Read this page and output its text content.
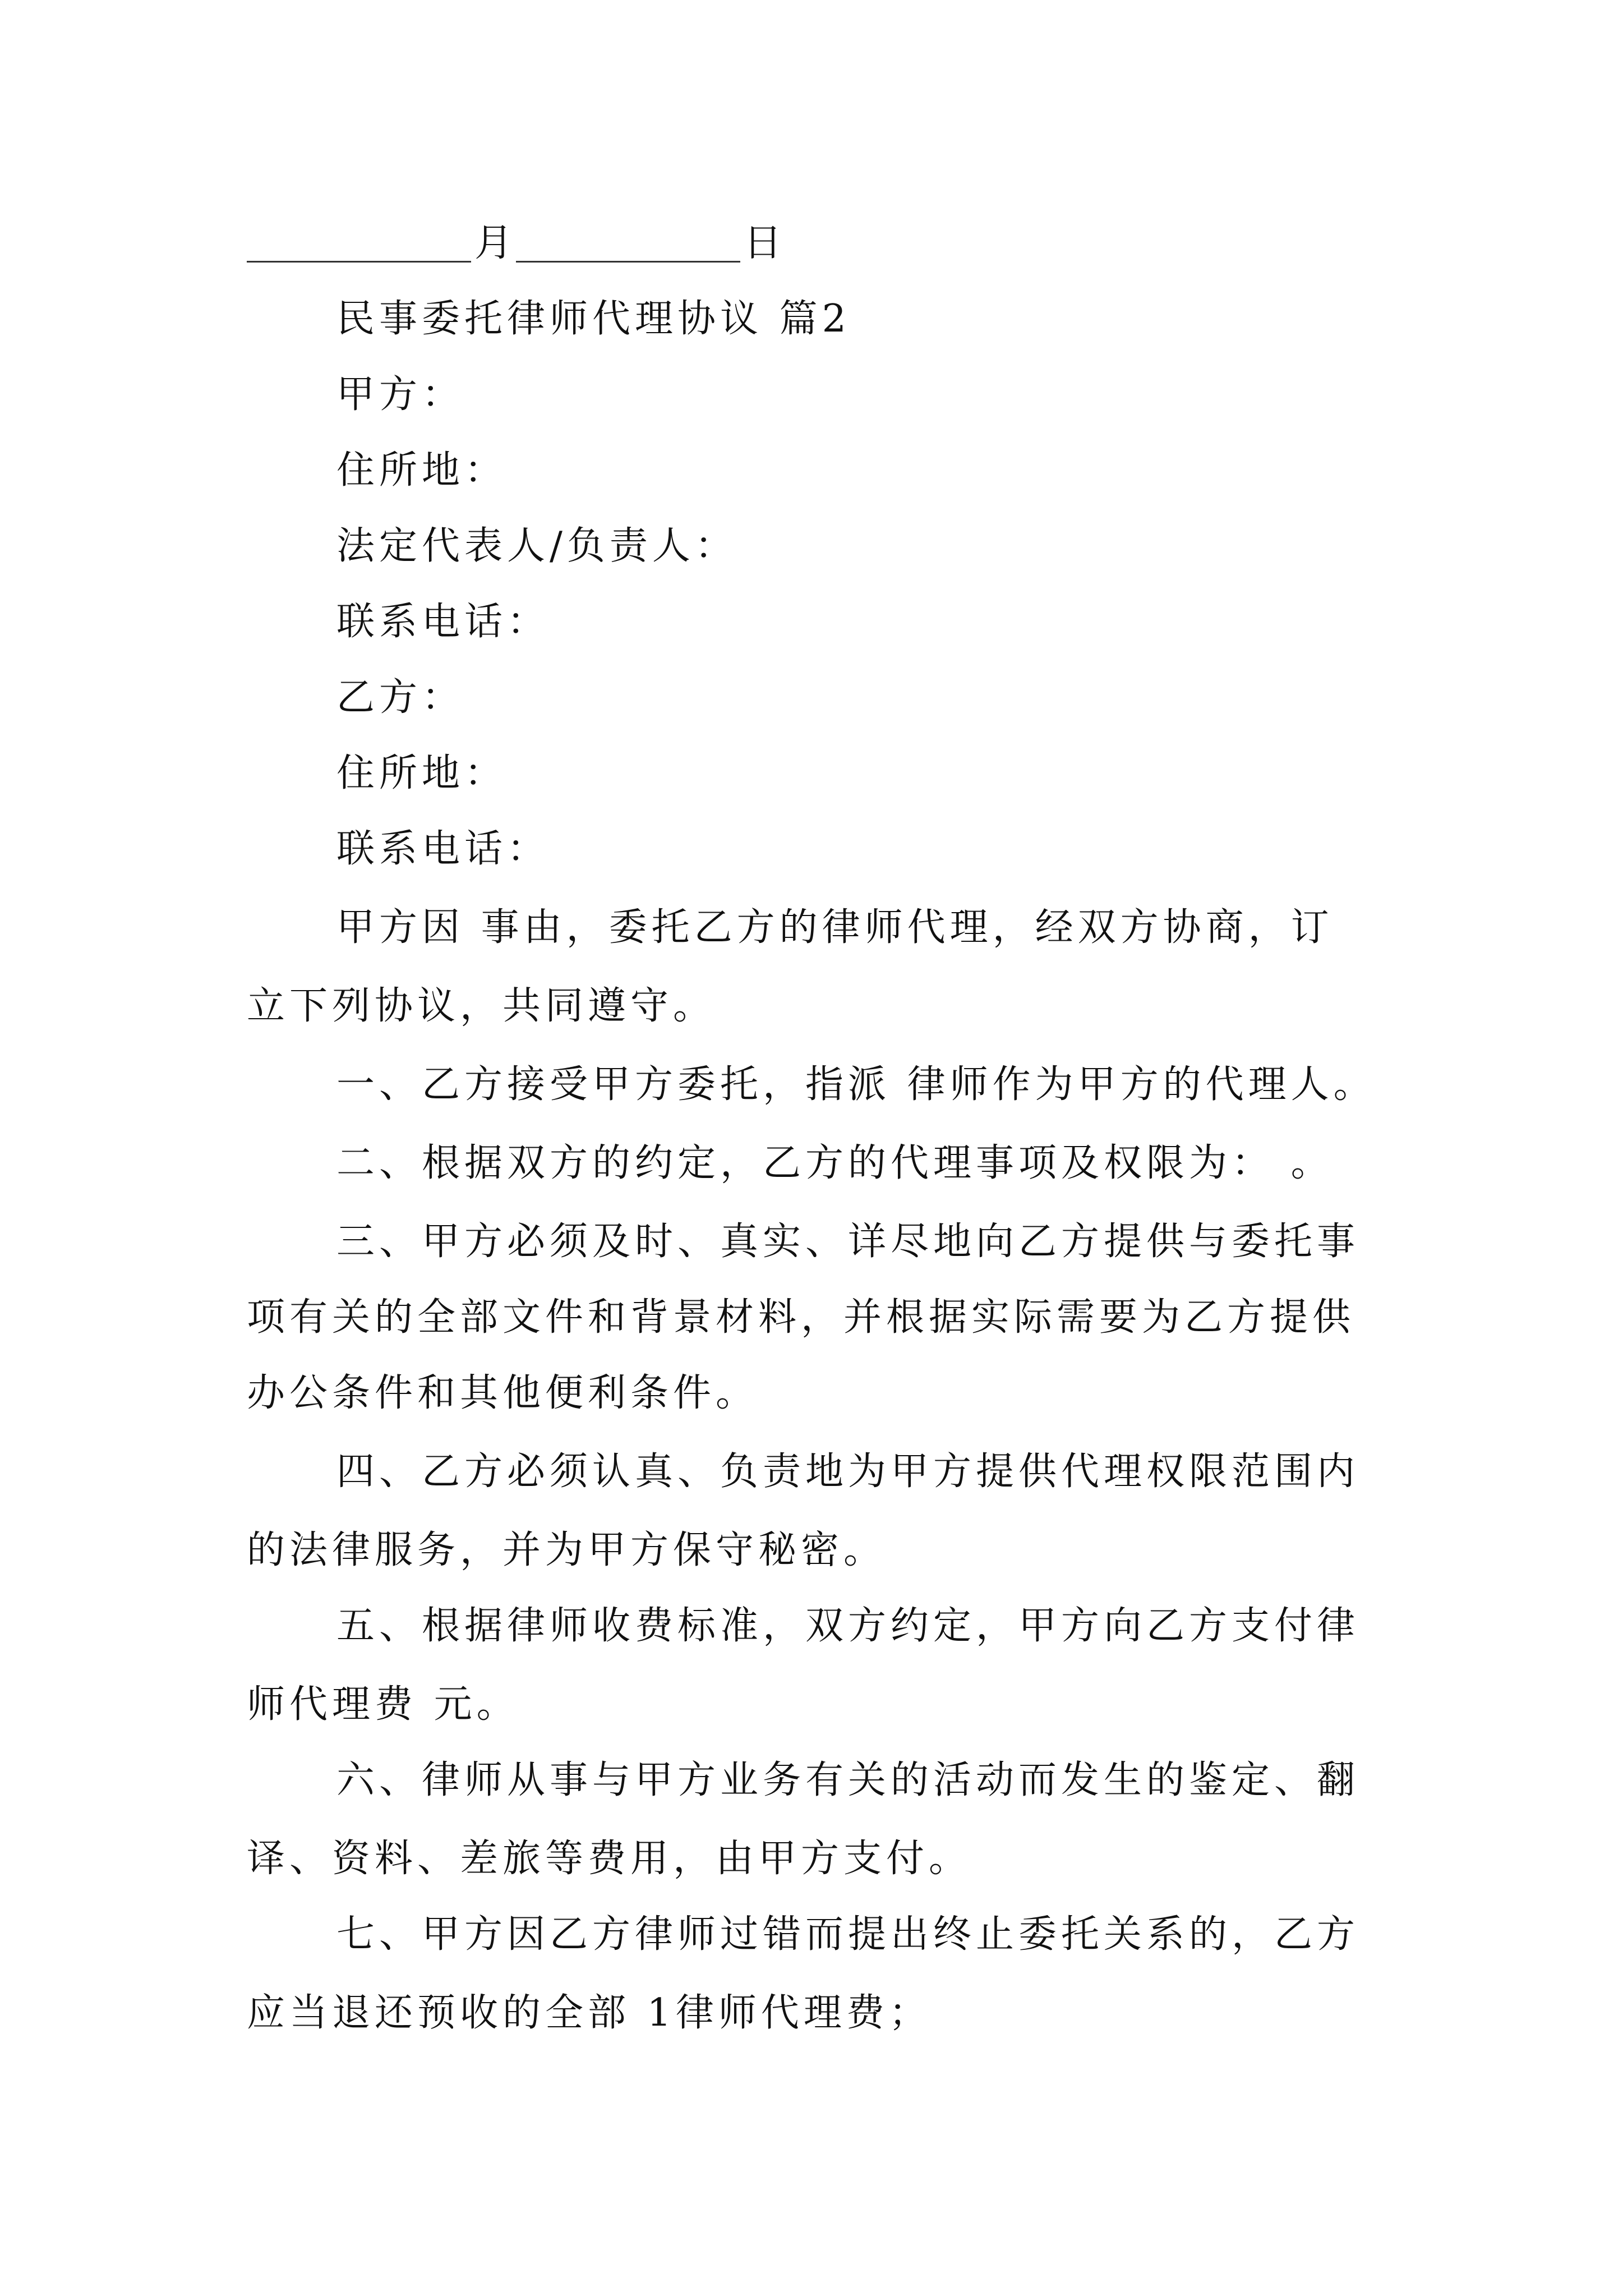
月	日
民事委托律师代理协议 篇2
甲方：
住所地：
法定代表人/负责人：
联系电话：
乙方：
住所地：
联系电话：
甲方因 事由，委托乙方的律师代理，经双方协商，订
立下列协议，共同遵守。
一、乙方接受甲方委托，指派 律师作为甲方的代理人。
二、根据双方的约定，乙方的代理事项及权限为： 。
三、甲方必须及时、真实、详尽地向乙方提供与委托事
项有关的全部文件和背景材料，并根据实际需要为乙方提供
办公条件和其他便利条件。
四、乙方必须认真、负责地为甲方提供代理权限范围内
的法律服务，并为甲方保守秘密。
五、根据律师收费标准，双方约定，甲方向乙方支付律
师代理费 元。
六、律师从事与甲方业务有关的活动而发生的鉴定、翻
译、资料、差旅等费用，由甲方支付。
七、甲方因乙方律师过错而提出终止委托关系的，乙方
应当退还预收的全部 1律师代理费；
